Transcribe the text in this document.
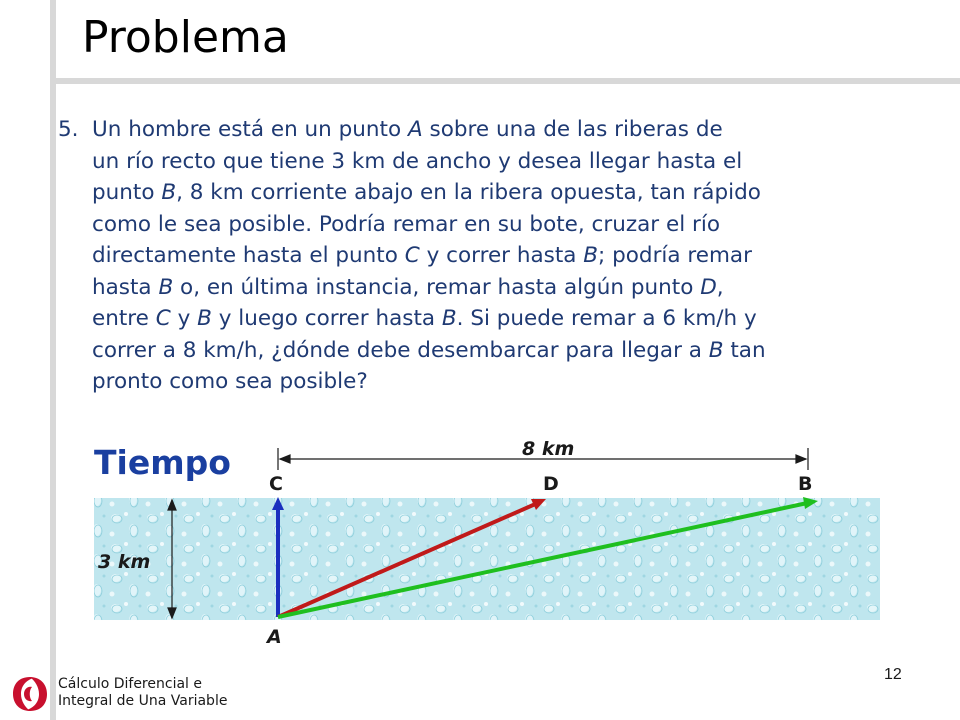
Problema
5. Un hombre está en un punto A sobre una de las riberas de
un río recto que tiene 3 km de ancho y desea llegar hasta el
punto B, 8 km corriente abajo en la ribera opuesta, tan rápido
como le sea posible. Podría remar en su bote, cruzar el río
directamente hasta el punto C y correr hasta B; podría remar
hasta B o, en última instancia, remar hasta algún punto D,
entre C y B y luego correr hasta B. Si puede remar a 6 km/h y
correr a 8 km/h, ¿dónde debe desembarcar para llegar a B tan
pronto como sea posible?
Tiempo	8 km
3 km
C	D	B
A
Cálculo Diferencial e
Integral de Una Variable
12
